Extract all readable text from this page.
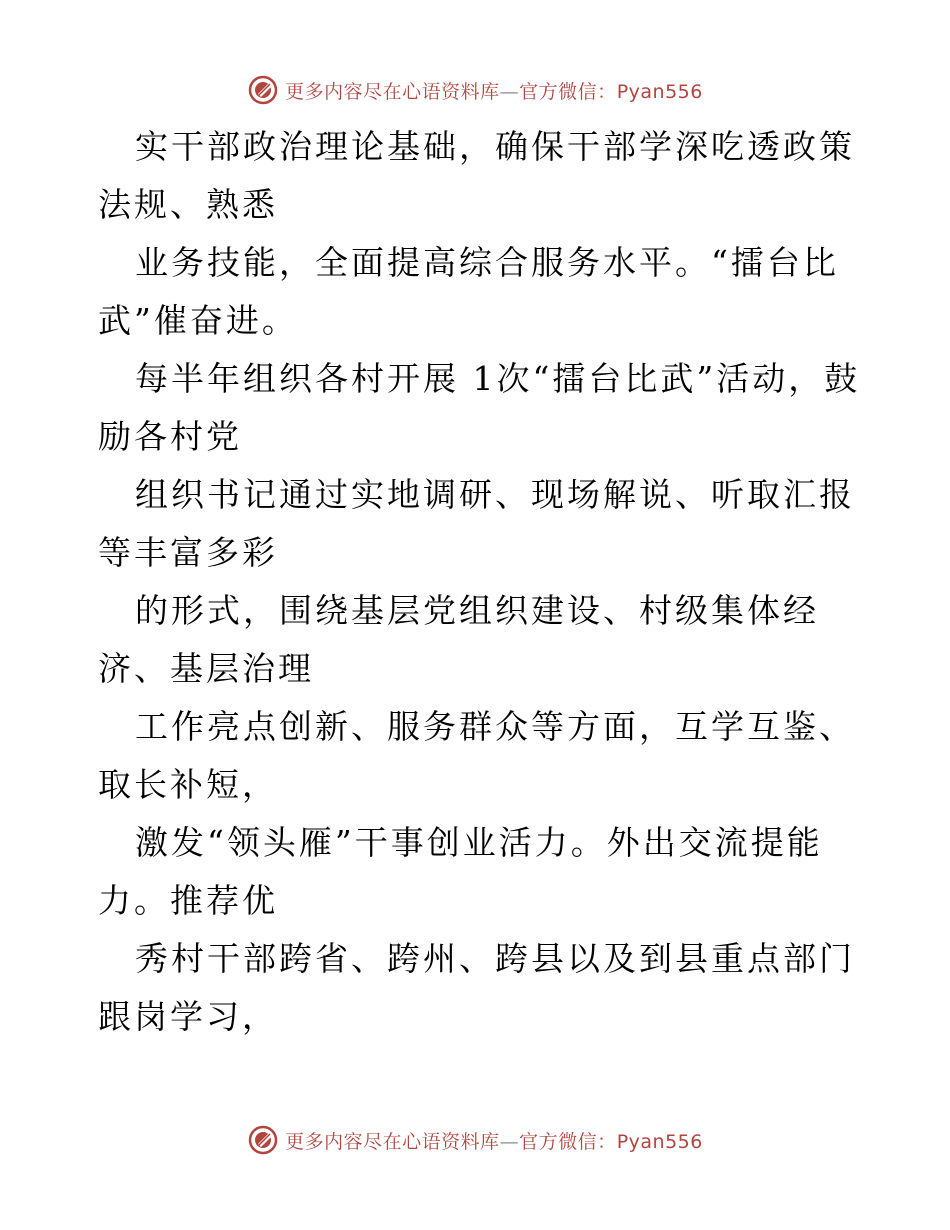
更多内容尽在心语资料库—官方微信：Pyan556

实干部政治理论基础，确保干部学深吃透政策法规、熟悉

业务技能，全面提高综合服务水平。“擂台比武”催奋进。

每半年组织各村开展 1次“擂台比武”活动，鼓励各村党

组织书记通过实地调研、现场解说、听取汇报等丰富多彩

的形式，围绕基层党组织建设、村级集体经济、基层治理

工作亮点创新、服务群众等方面，互学互鉴、取长补短，

激发“领头雁”干事创业活力。外出交流提能力。推荐优

秀村干部跨省、跨州、跨县以及到县重点部门跟岗学习，

更多内容尽在心语资料库—官方微信：Pyan556
